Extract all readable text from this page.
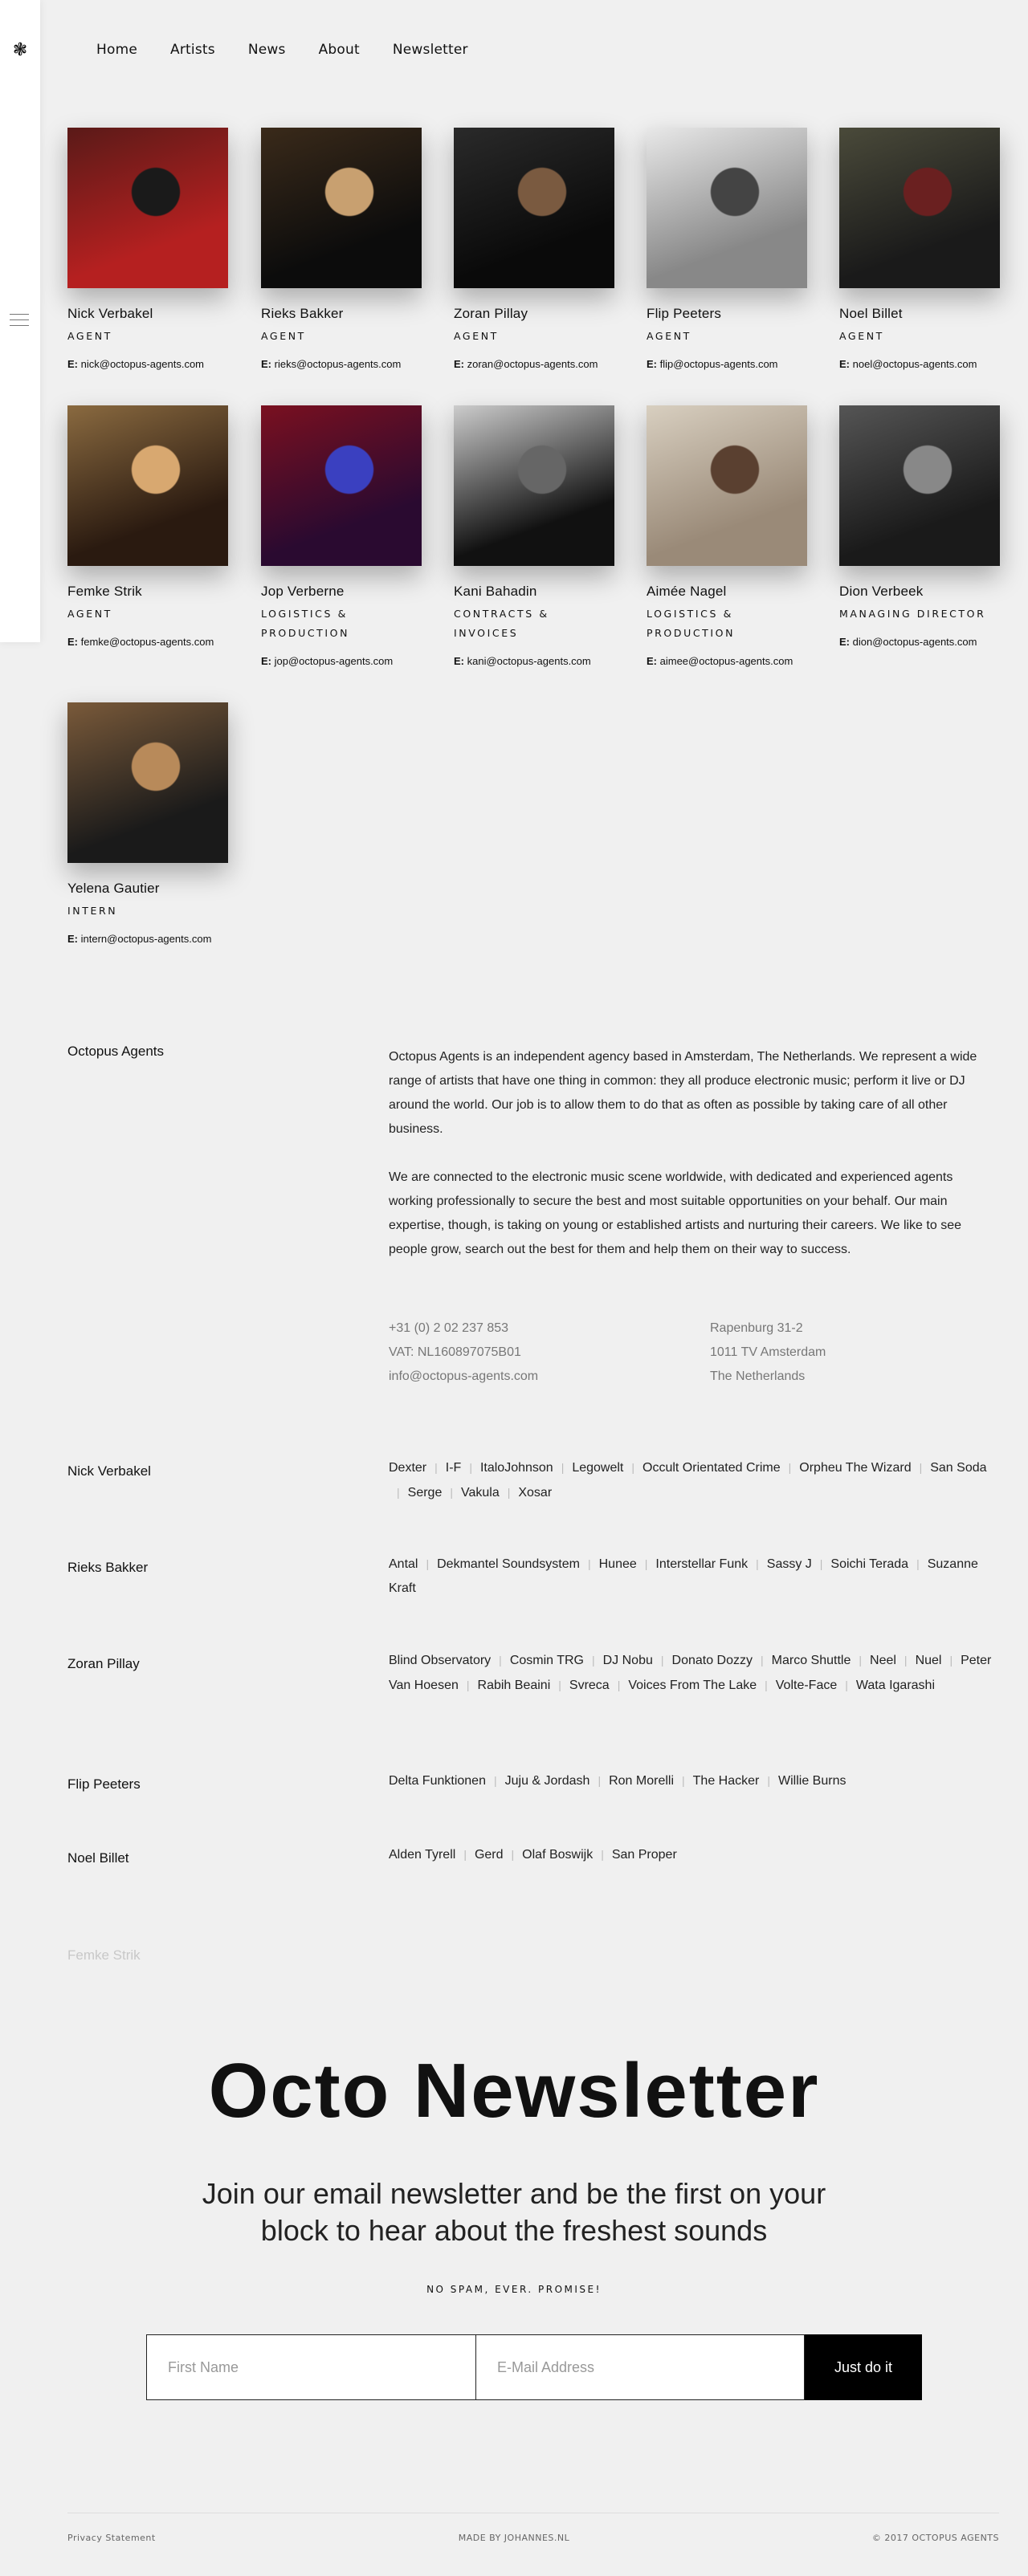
❃	Home Artists News About Newsletter
Nick Verbakel
AGENT
E: nick@octopus-agents.com
Rieks Bakker
AGENT
E: rieks@octopus-agents.com
Zoran Pillay
AGENT
E: zoran@octopus-agents.com
Flip Peeters
AGENT
E: flip@octopus-agents.com
Noel Billet
AGENT
E: noel@octopus-agents.com
Femke Strik
AGENT
E: femke@octopus-agents.com
Jop Verberne
LOGISTICS & PRODUCTION
E: jop@octopus-agents.com
Kani Bahadin
CONTRACTS & INVOICES
E: kani@octopus-agents.com
Aimée Nagel
LOGISTICS & PRODUCTION
E: aimee@octopus-agents.com
Dion Verbeek
MANAGING DIRECTOR
E: dion@octopus-agents.com
Yelena Gautier
INTERN
E: intern@octopus-agents.com
Octopus Agents	Octopus Agents is an independent agency based in Amsterdam, The Netherlands. We represent a wide range of artists that have one thing in common: they all produce electronic music; perform it live or DJ around the world. Our job is to allow them to do that as often as possible by taking care of all other business.

We are connected to the electronic music scene worldwide, with dedicated and experienced agents working professionally to secure the best and most suitable opportunities on your behalf. Our main expertise, though, is taking on young or established artists and nurturing their careers. We like to see people grow, search out the best for them and help them on their way to success.

+31 (0) 2 02 237 853
VAT: NL160897075B01
info@octopus-agents.com
Rapenburg 31-2
1011 TV Amsterdam
The Netherlands
Nick Verbakel	Dexter | I-F | ItaloJohnson | Legowelt | Occult Orientated Crime | Orpheu The Wizard | San Soda| Serge | Vakula | Xosar
Rieks Bakker	Antal | Dekmantel Soundsystem | Hunee | Interstellar Funk | Sassy J | Soichi Terada | Suzanne Kraft
Zoran Pillay	Blind Observatory | Cosmin TRG | DJ Nobu | Donato Dozzy | Marco Shuttle | Neel | Nuel | Peter Van Hoesen | Rabih Beaini | Svreca | Voices From The Lake | Volte-Face | Wata Igarashi
Flip Peeters	Delta Funktionen | Juju & Jordash | Ron Morelli | The Hacker | Willie Burns
Noel Billet	Alden Tyrell | Gerd | Olaf Boswijk | San Proper
Femke Strik
Octo Newsletter
Join our email newsletter and be the first on your block to hear about the freshest sounds
NO SPAM, EVER. PROMISE!
First Name
E-Mail Address
Just do it
Privacy Statement	MADE BY JOHANNES.NL	© 2017 OCTOPUS AGENTS
